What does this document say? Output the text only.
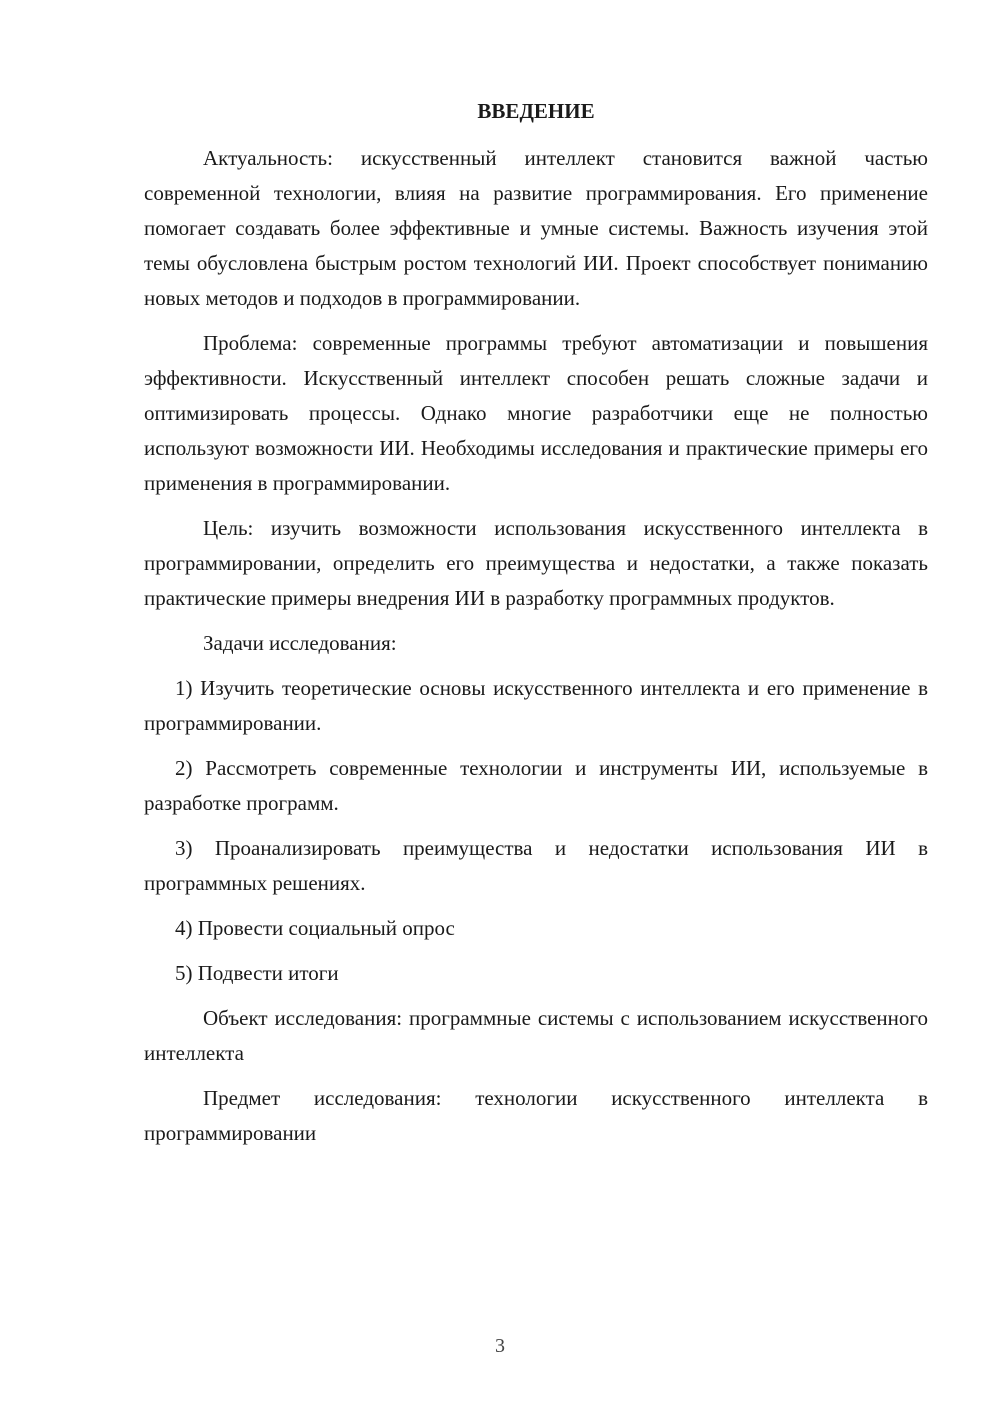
ВВЕДЕНИЕ

Актуальность: искусственный интеллект становится важной частью современной технологии, влияя на развитие программирования. Его применение помогает создавать более эффективные и умные системы. Важность изучения этой темы обусловлена быстрым ростом технологий ИИ. Проект способствует пониманию новых методов и подходов в программировании.

Проблема: современные программы требуют автоматизации и повышения эффективности. Искусственный интеллект способен решать сложные задачи и оптимизировать процессы. Однако многие разработчики еще не полностью используют возможности ИИ. Необходимы исследования и практические примеры его применения в программировании.

Цель: изучить возможности использования искусственного интеллекта в программировании, определить его преимущества и недостатки, а также показать практические примеры внедрения ИИ в разработку программных продуктов.

Задачи исследования:

1) Изучить теоретические основы искусственного интеллекта и его применение в программировании.

2) Рассмотреть современные технологии и инструменты ИИ, используемые в разработке программ.

3) Проанализировать преимущества и недостатки использования ИИ в программных решениях.

4) Провести социальный опрос

5) Подвести итоги

Объект исследования: программные системы с использованием искусственного интеллекта

Предмет исследования: технологии искусственного интеллекта в программировании

3
